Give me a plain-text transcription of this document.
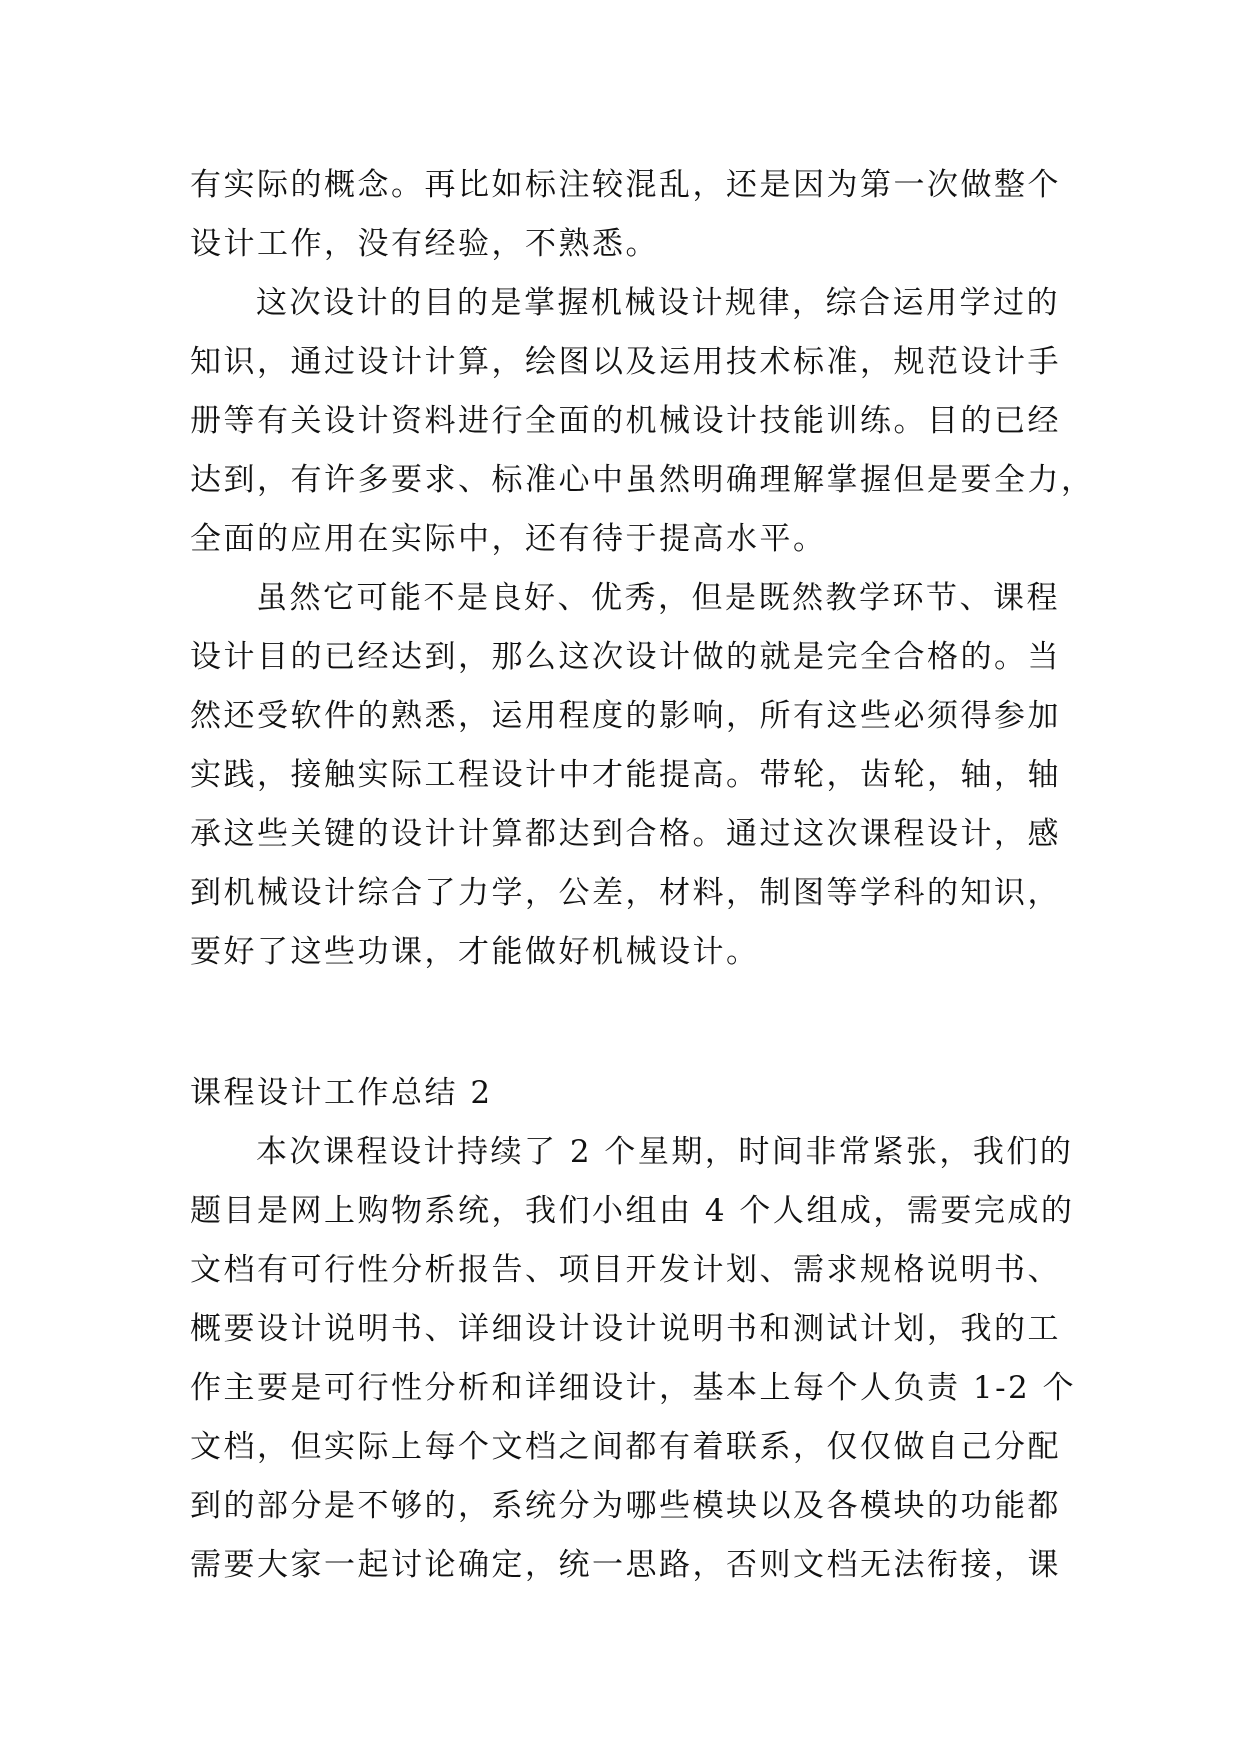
有实际的概念。再比如标注较混乱，还是因为第一次做整个
设计工作，没有经验，不熟悉。
这次设计的目的是掌握机械设计规律，综合运用学过的
知识，通过设计计算，绘图以及运用技术标准，规范设计手
册等有关设计资料进行全面的机械设计技能训练。目的已经
达到，有许多要求、标准心中虽然明确理解掌握但是要全力，
全面的应用在实际中，还有待于提高水平。
虽然它可能不是良好、优秀，但是既然教学环节、课程
设计目的已经达到，那么这次设计做的就是完全合格的。当
然还受软件的熟悉，运用程度的影响，所有这些必须得参加
实践，接触实际工程设计中才能提高。带轮，齿轮，轴，轴
承这些关键的设计计算都达到合格。通过这次课程设计，感
到机械设计综合了力学，公差，材料，制图等学科的知识，
要好了这些功课，才能做好机械设计。
课程设计工作总结 2
本次课程设计持续了 2 个星期，时间非常紧张，我们的
题目是网上购物系统，我们小组由 4 个人组成，需要完成的
文档有可行性分析报告、项目开发计划、需求规格说明书、
概要设计说明书、详细设计设计说明书和测试计划，我的工
作主要是可行性分析和详细设计，基本上每个人负责 1-2 个
文档，但实际上每个文档之间都有着联系，仅仅做自己分配
到的部分是不够的，系统分为哪些模块以及各模块的功能都
需要大家一起讨论确定，统一思路，否则文档无法衔接，课
